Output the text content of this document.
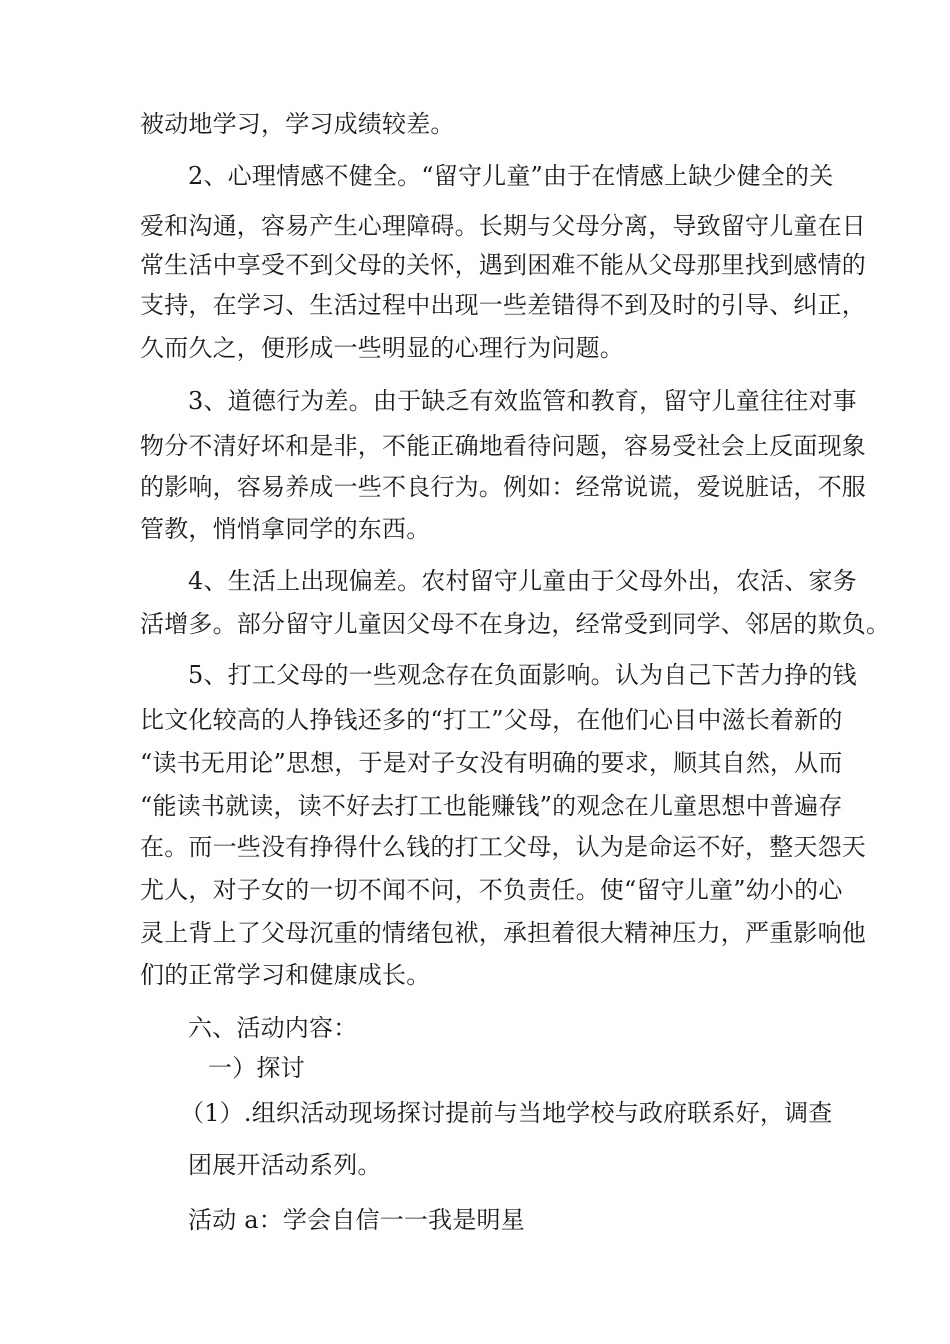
被动地学习，学习成绩较差。
2、心理情感不健全。“留守儿童”由于在情感上缺少健全的关
爱和沟通，容易产生心理障碍。长期与父母分离，导致留守儿童在日
常生活中享受不到父母的关怀，遇到困难不能从父母那里找到感情的
支持，在学习、生活过程中出现一些差错得不到及时的引导、纠正，
久而久之，便形成一些明显的心理行为问题。
3、道德行为差。由于缺乏有效监管和教育，留守儿童往往对事
物分不清好坏和是非，不能正确地看待问题，容易受社会上反面现象
的影响，容易养成一些不良行为。例如：经常说谎，爱说脏话，不服
管教，悄悄拿同学的东西。
4、生活上出现偏差。农村留守儿童由于父母外出，农活、家务
活增多。部分留守儿童因父母不在身边，经常受到同学、邻居的欺负。
5、打工父母的一些观念存在负面影响。认为自己下苦力挣的钱
比文化较高的人挣钱还多的“打工”父母，在他们心目中滋长着新的
“读书无用论”思想，于是对子女没有明确的要求，顺其自然，从而
“能读书就读，读不好去打工也能赚钱”的观念在儿童思想中普遍存
在。而一些没有挣得什么钱的打工父母，认为是命运不好，整天怨天
尤人，对子女的一切不闻不问，不负责任。使“留守儿童”幼小的心
灵上背上了父母沉重的情绪包袱，承担着很大精神压力，严重影响他
们的正常学习和健康成长。
六、活动内容：
一）探讨
（1）.组织活动现场探讨提前与当地学校与政府联系好，调查
团展开活动系列。
活动 a：学会自信一一我是明星
